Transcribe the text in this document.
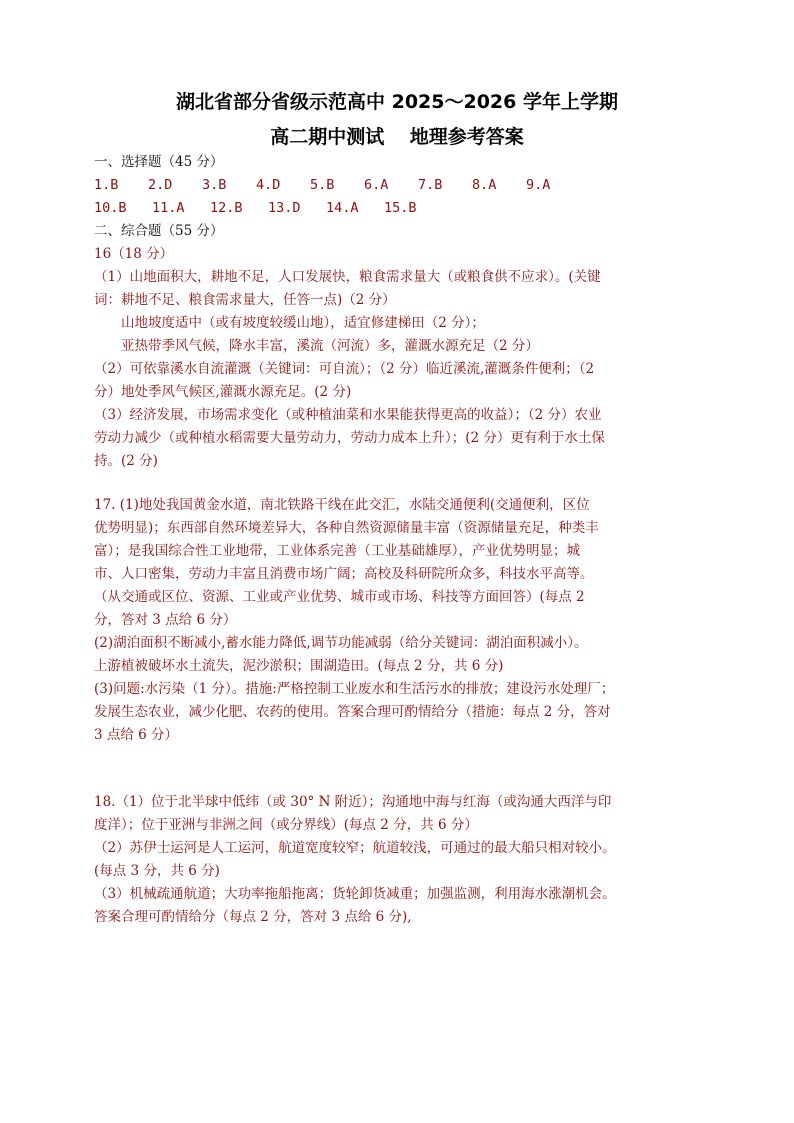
湖北省部分省级示范高中 2025～2026 学年上学期
高二期中测试　 地理参考答案
一、选择题（45 分）
1.B 2.D 3.B 4.D 5.B 6.A 7.B 8.A 9.A
10.B 11.A 12.B 13.D 14.A 15.B
二、综合题（55 分）
16（18 分）
（1）山地面积大，耕地不足，人口发展快，粮食需求量大（或粮食供不应求）。(关键
词：耕地不足、粮食需求量大，任答一点)（2 分）
　　山地坡度适中（或有坡度较缓山地），适宜修建梯田（2 分）；
　　亚热带季风气候，降水丰富，溪流（河流）多，灌溉水源充足（2 分）
（2）可依靠溪水自流灌溉（关键词：可自流）；（2 分）临近溪流,灌溉条件便利；（2
分）地处季风气候区,灌溉水源充足。(2 分)
（3）经济发展，市场需求变化（或种植油菜和水果能获得更高的收益）；（2 分）农业
劳动力减少（或种植水稻需要大量劳动力，劳动力成本上升）；(2 分）更有利于水土保
持。(2 分)
17. (1)地处我国黄金水道，南北铁路干线在此交汇，水陆交通便利(交通便利，区位
优势明显)；东西部自然环境差异大，各种自然资源储量丰富（资源储量充足，种类丰
富）；是我国综合性工业地带，工业体系完善（工业基础雄厚），产业优势明显；城
市、人口密集，劳动力丰富且消费市场广阔；高校及科研院所众多，科技水平高等。
（从交通或区位、资源、工业或产业优势、城市或市场、科技等方面回答）(每点 2
分，答对 3 点给 6 分）
(2)湖泊面积不断减小,蓄水能力降低,调节功能减弱（给分关键词：湖泊面积减小）。
上游植被破坏水土流失，泥沙淤积；围湖造田。(每点 2 分，共 6 分)
(3)问题:水污染（1 分）。措施:严格控制工业废水和生活污水的排放；建设污水处理厂；
发展生态农业，减少化肥、农药的使用。答案合理可酌情给分（措施：每点 2 分，答对
3 点给 6 分）
18.（1）位于北半球中低纬（或 30° N 附近）；沟通地中海与红海（或沟通大西洋与印
度洋）；位于亚洲与非洲之间（或分界线）(每点 2 分，共 6 分）
（2）苏伊士运河是人工运河，航道宽度较窄；航道较浅，可通过的最大船只相对较小。
(每点 3 分，共 6 分)
（3）机械疏通航道；大功率拖船拖离；货轮卸货减重；加强监测，利用海水涨潮机会。
答案合理可酌情给分（每点 2 分，答对 3 点给 6 分),
